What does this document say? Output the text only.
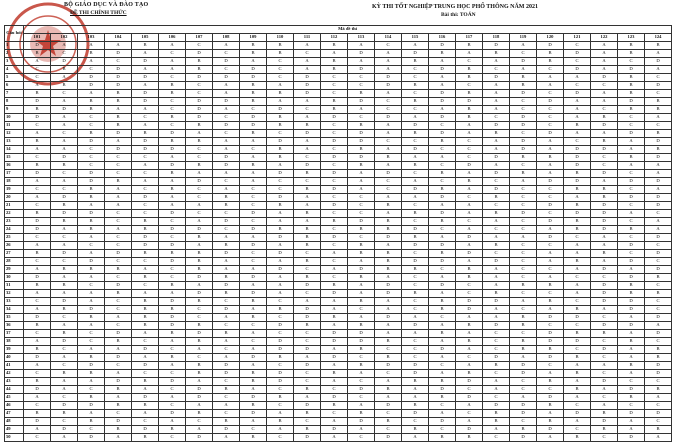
BỘ GIÁO DỤC VÀ ĐÀO TẠO
ĐỀ THI CHÍNH THỨC
KỲ THI TỐT NGHIỆP TRUNG HỌC PHỔ THÔNG NĂM 2021
Bài thi: TOÁN
Câu hỏi	Mã đề thi																							
	101	102	103	104	105	106	107	108	109	110	111	112	113	114	115	116	117	118	119	120	121	122	123	124
1	D	A	A	A	B	A	C	A	B	B	A	B	A	C	A	D	B	D	A	D	C	A	B	B
2	B	C	B	D	A	C	D	C	B	B	C	A	D	A	D	B	A	B	C	B	D	A	B	A
3	A	D	A	C	D	A	B	D	A	C	A	B	A	A	B	A	C	A	D	B	C	A	C	D
4	C	B	C	D	A	A	B	C	D	C	A	B	D	A	C	D	B	C	A	C	D	A	D	A
5	C	A	D	D	D	C	D	D	D	C	D	C	C	D	C	A	B	D	B	A	A	D	B	C
6	A	B	D	D	A	B	C	A	B	A	D	C	C	D	B	A	C	A	B	A	C	C	B	D
7	B	C	A	B	D	B	C	A	B	B	D	C	B	A	C	D	B	A	D	C	D	A	B	C
8	D	A	B	B	D	C	D	D	B	A	A	B	D	C	B	D	D	A	C	D	A	A	D	B
9	B	D	B	A	A	C	D	A	C	D	C	B	A	C	C	A	B	A	C	C	A	C	B	B
10	D	A	C	B	C	B	D	C	D	B	A	D	C	D	A	D	B	C	D	C	A	B	C	A
11	C	A	C	B	A	C	B	D	D	B	B	C	B	A	D	C	A	D	D	C	B	D	C	C
12	A	C	B	D	B	D	A	C	B	C	D	C	D	A	B	D	A	B	C	D	A	A	D	B
13	B	A	D	A	D	B	B	A	A	D	A	D	D	C	C	B	C	A	D	A	C	B	A	D
14	A	A	C	D	D	D	C	A	C	B	A	C	B	A	D	C	C	A	D	A	D	D	A	B
15	C	D	C	C	C	A	C	D	A	B	C	D	D	B	A	A	C	D	B	B	D	C	B	D
16	B	B	C	C	A	D	B	D	B	A	D	C	B	A	B	C	D	A	C	A	D	C	A	A
17	D	C	D	C	C	B	A	A	A	D	B	D	A	D	C	B	A	D	B	A	B	D	C	A
18	A	A	D	B	A	A	D	C	A	C	C	C	A	C	A	C	B	C	A	D	D	A	D	D
19	C	C	B	A	C	B	C	A	C	C	B	D	A	C	D	B	A	D	C	C	B	B	C	A
20	A	D	B	A	D	A	C	B	C	D	A	C	C	A	A	D	C	B	C	C	A	B	D	D
21	C	B	A	A	C	A	A	B	C	B	A	D	C	B	C	A	A	C	C	D	B	D	C	D
22	B	D	D	C	C	D	C	C	D	A	B	C	C	A	B	D	A	B	D	C	D	D	A	C
23	D	B	B	C	B	C	A	D	C	A	A	B	D	B	C	B	C	A	C	D	B	D	C	A
24	D	A	B	A	B	D	D	C	D	B	B	C	B	B	D	C	A	C	C	A	B	D	B	A
25	C	C	A	C	D	C	B	A	A	D	B	D	C	D	B	A	D	A	A	D	C	A	C	D
26	A	A	C	C	D	D	A	B	D	A	B	C	B	A	D	D	A	B	C	C	A	A	D	C
27	B	D	A	D	B	B	B	D	C	D	C	A	B	B	C	B	D	C	C	A	A	B	C	D
28	C	C	D	C	C	D	B	A	C	A	B	C	A	B	D	D	A	D	C	A	B	A	D	C
29	A	B	B	B	A	C	B	A	A	D	C	A	D	B	B	C	B	A	C	C	A	D	A	D
30	D	A	A	C	B	C	D	B	D	A	B	C	B	A	C	A	B	A	C	A	C	C	D	B
31	B	B	C	D	C	B	A	D	A	A	D	B	A	D	C	D	C	A	B	B	A	D	B	C
32	A	A	A	B	A	A	D	B	D	A	C	D	A	D	B	A	C	B	C	C	A	D	B	B
33	C	D	A	C	B	D	B	C	B	C	A	A	B	A	C	B	D	D	A	B	C	D	D	C
34	A	B	D	C	B	B	C	D	A	B	D	A	C	A	C	B	D	A	C	A	B	A	D	C
35	D	C	B	A	B	D	C	A	B	C	D	B	A	D	A	C	A	A	B	D	D	C	A	D
36	B	A	A	C	B	D	B	C	C	D	B	A	B	A	D	A	B	D	B	C	C	D	D	A
37	C	B	C	D	A	B	D	B	A	C	C	D	D	A	A	B	A	C	C	D	B	B	A	D
38	A	D	C	B	C	A	B	A	C	D	C	D	D	B	C	A	B	C	B	D	D	C	B	C
39	B	C	A	A	D	C	A	C	A	D	D	A	B	C	C	D	A	C	B	B	C	D	A	B
40	D	A	B	D	A	B	C	A	D	B	A	D	C	B	C	A	C	D	A	D	B	C	A	B
41	A	C	D	C	D	A	B	D	A	C	D	A	B	D	D	C	A	B	D	C	A	A	B	D
42	C	B	B	A	C	C	B	D	B	D	C	B	A	C	D	A	B	C	D	A	B	C	A	D
43	B	A	A	D	B	D	A	C	B	D	C	A	C	A	B	B	D	A	C	B	A	D	C	C
44	D	A	C	B	A	C	D	B	A	C	B	C	D	B	A	D	C	A	C	C	B	A	D	B
45	A	C	B	A	D	A	D	C	D	B	A	D	C	A	A	B	D	C	A	D	A	C	B	A
46	C	D	D	B	B	C	A	A	B	C	D	B	A	D	B	C	A	D	D	B	C	A	C	C
47	B	B	A	C	A	D	B	C	D	A	B	C	B	C	D	A	C	B	D	A	D	B	D	D
48	D	C	B	D	C	A	C	B	A	B	C	A	D	B	C	D	A	B	C	B	A	D	A	C
49	A	D	C	B	D	B	A	D	C	A	B	D	A	C	B	C	D	A	B	D	C	B	A	B
50	C	A	D	A	B	C	D	A	B	C	D	A	C	D	A	B	B	C	D	A	B	C	D	A
